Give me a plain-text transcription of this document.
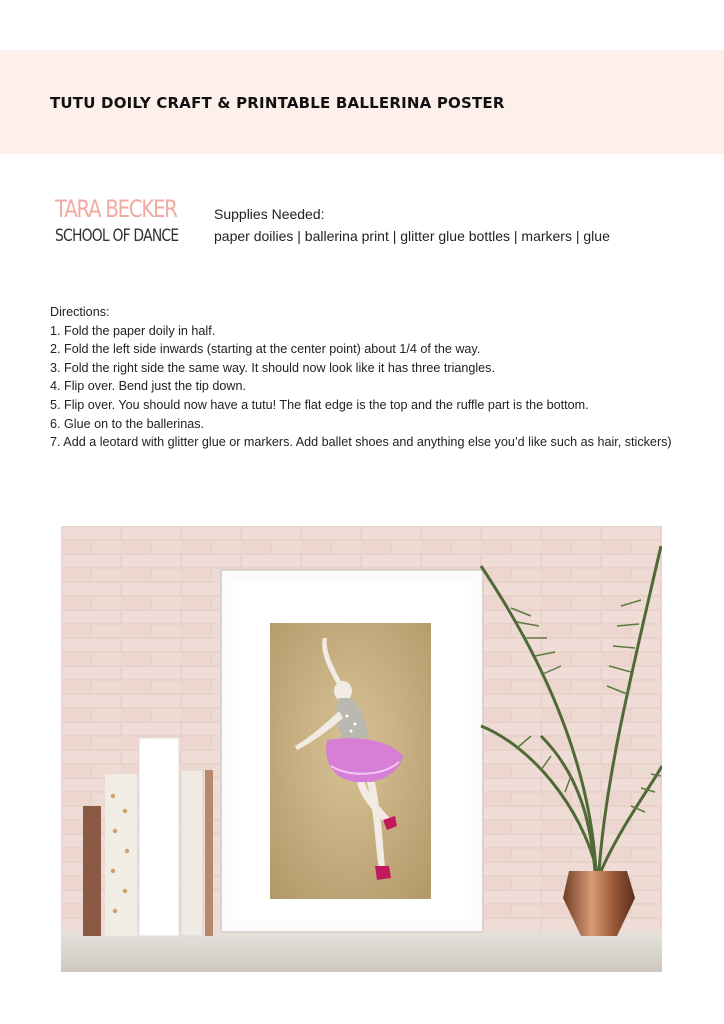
TUTU DOILY CRAFT & PRINTABLE BALLERINA POSTER
TARA BECKER
SCHOOL OF DANCE
Supplies Needed:
paper doilies | ballerina print | glitter glue bottles | markers | glue
Directions:
1. Fold the paper doily in half.
2. Fold the left side inwards (starting at the center point) about 1/4 of the way.
3. Fold the right side the same way. It should now look like it has three triangles.
4. Flip over. Bend just the tip down.
5. Flip over. You should now have a tutu! The flat edge is the top and the ruffle part is the bottom.
6. Glue on to the ballerinas.
7. Add a leotard with glitter glue or markers. Add ballet shoes and anything else you’d like such as hair, stickers)
